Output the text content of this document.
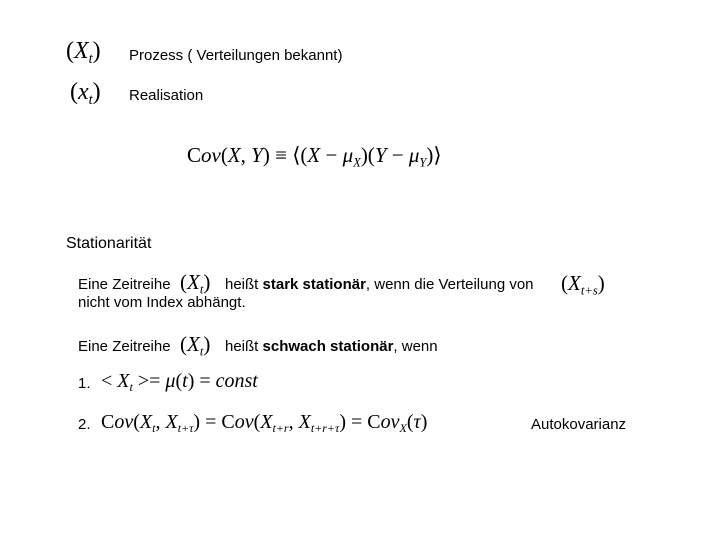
$(X_t)$ Prozess ( Verteilungen bekannt)
$(x_t)$ Realisation
Cov(X, Y) ≡ ⟨(X − $\mu_X)(Y$ − $\mu_Y)⟩$
Stationarität
Eine Zeitreihe $(X_t)$ heißt stark stationär, wenn die Verteilung von $(X_{t+s})$
nicht vom Index abhängt.
Eine Zeitreihe $(X_t)$ heißt schwach stationär, wenn
1. < $X_t >= \mu(t)$ = const
2. $Cov(X_t$, $X_{t+\tau}) = Cov(X_{t+r}$, $X_{t+r+\tau}) = Cov_X(\tau)$	Autokovarianz
